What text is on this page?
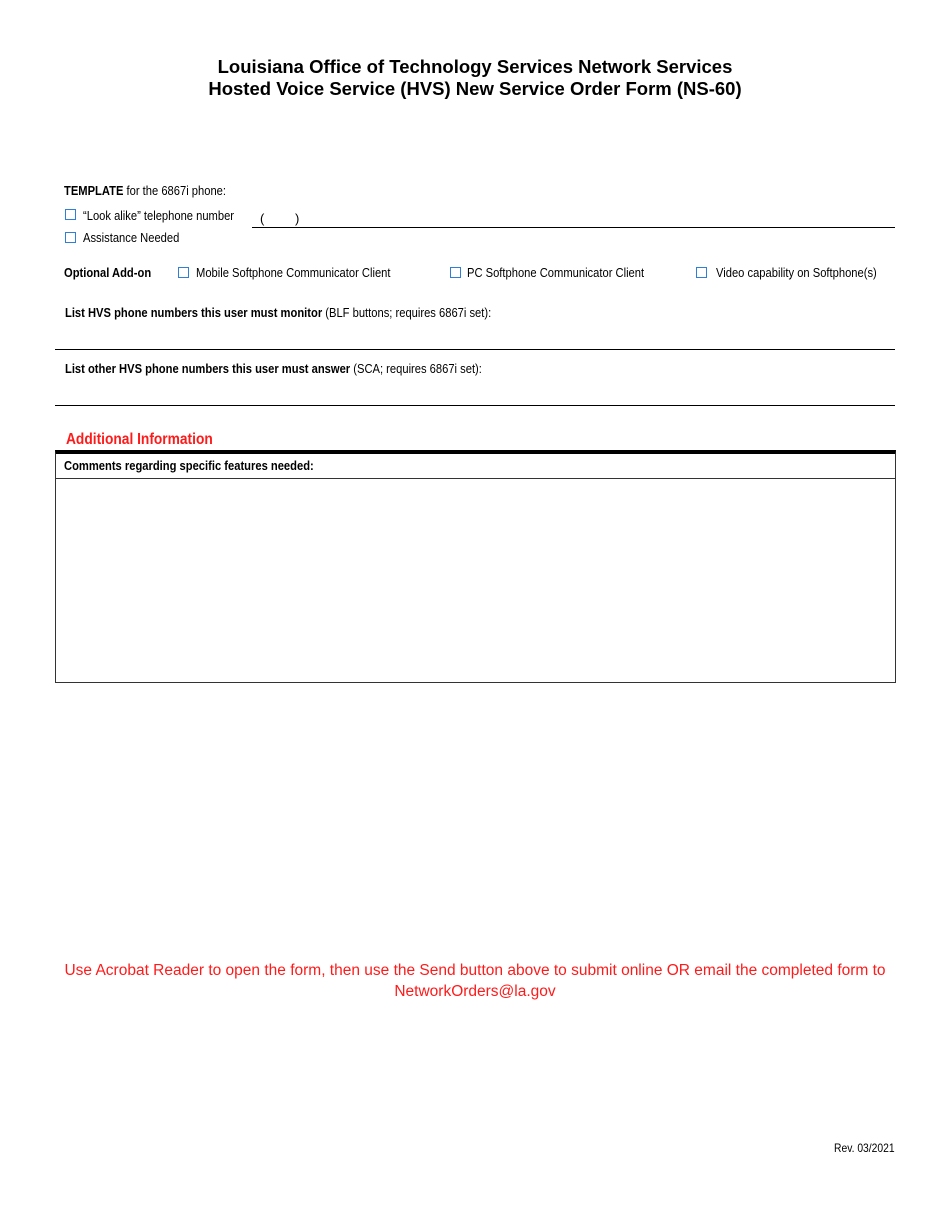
Louisiana Office of Technology Services Network Services
Hosted Voice Service (HVS) New Service Order Form (NS-60)
TEMPLATE for the 6867i phone:
“Look alike” telephone number	( )
Assistance Needed
Optional Add-on	Mobile Softphone Communicator Client	PC Softphone Communicator Client	Video capability on Softphone(s)
List HVS phone numbers this user must monitor (BLF buttons; requires 6867i set):
List other HVS phone numbers this user must answer (SCA; requires 6867i set):
Additional Information
Comments regarding specific features needed:
Use Acrobat Reader to open the form, then use the Send button above to submit online OR email the completed form to
NetworkOrders@la.gov
Rev. 03/2021
